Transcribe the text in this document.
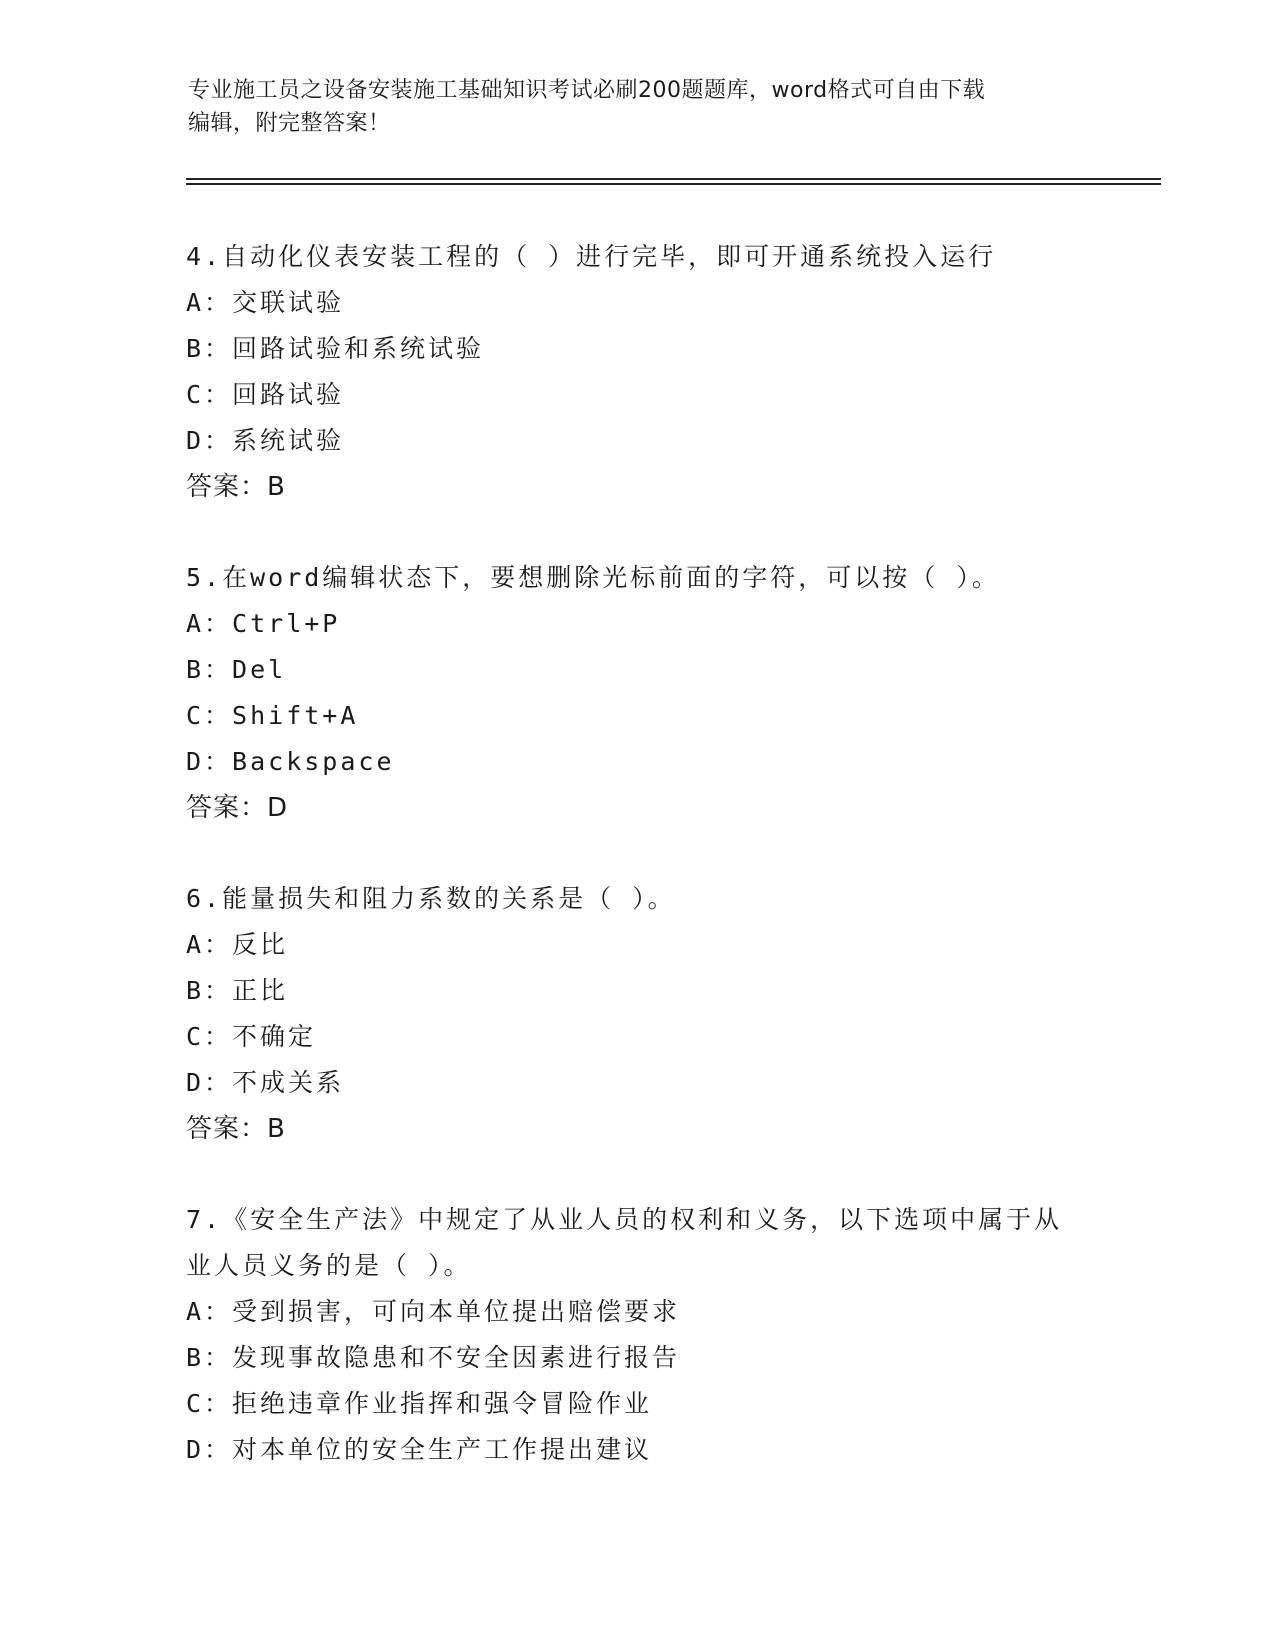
专业施工员之设备安装施工基础知识考试必刷200题题库，word格式可自由下载
编辑，附完整答案！

4.自动化仪表安装工程的（ ）进行完毕，即可开通系统投入运行

A：交联试验

B：回路试验和系统试验

C：回路试验

D：系统试验

答案：B

5.在word编辑状态下，要想删除光标前面的字符，可以按（ ）。

A：Ctrl+P

B：Del

C：Shift+A

D：Backspace

答案：D

6.能量损失和阻力系数的关系是（ ）。

A：反比

B：正比

C：不确定

D：不成关系

答案：B

7.《安全生产法》中规定了从业人员的权利和义务，以下选项中属于从业人员义务的是（ ）。

A：受到损害，可向本单位提出赔偿要求

B：发现事故隐患和不安全因素进行报告

C：拒绝违章作业指挥和强令冒险作业

D：对本单位的安全生产工作提出建议
